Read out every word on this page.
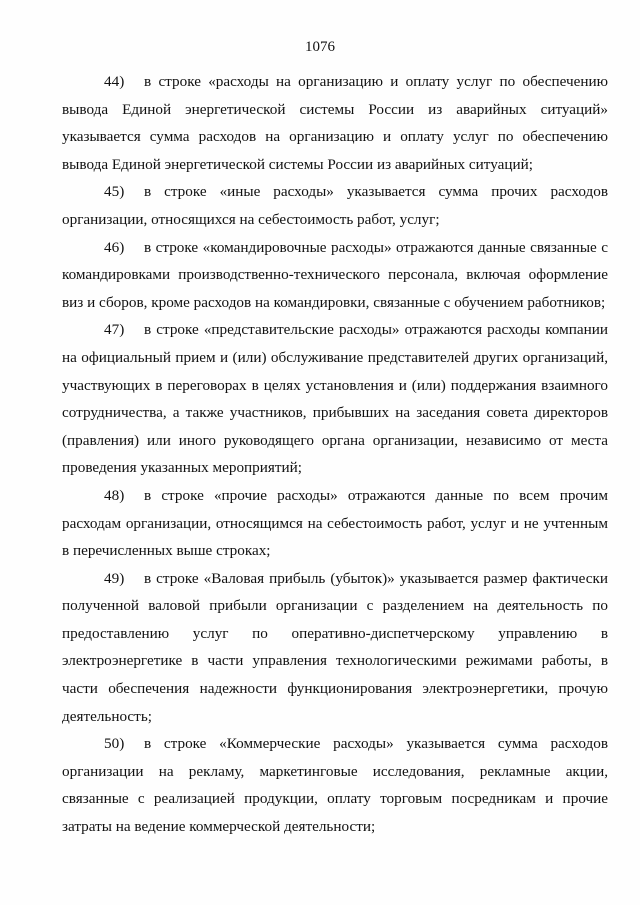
1076

44) в строке «расходы на организацию и оплату услуг по обеспечению вывода Единой энергетической системы России из аварийных ситуаций» указывается сумма расходов на организацию и оплату услуг по обеспечению вывода Единой энергетической системы России из аварийных ситуаций;

45) в строке «иные расходы» указывается сумма прочих расходов организации, относящихся на себестоимость работ, услуг;

46) в строке «командировочные расходы» отражаются данные связанные с командировками производственно-технического персонала, включая оформление виз и сборов, кроме расходов на командировки, связанные с обучением работников;

47) в строке «представительские расходы» отражаются расходы компании на официальный прием и (или) обслуживание представителей других организаций, участвующих в переговорах в целях установления и (или) поддержания взаимного сотрудничества, а также участников, прибывших на заседания совета директоров (правления) или иного руководящего органа организации, независимо от места проведения указанных мероприятий;

48) в строке «прочие расходы» отражаются данные по всем прочим расходам организации, относящимся на себестоимость работ, услуг и не учтенным в перечисленных выше строках;

49) в строке «Валовая прибыль (убыток)» указывается размер фактически полученной валовой прибыли организации с разделением на деятельность по предоставлению услуг по оперативно-диспетчерскому управлению в электроэнергетике в части управления технологическими режимами работы, в части обеспечения надежности функционирования электроэнергетики, прочую деятельность;

50) в строке «Коммерческие расходы» указывается сумма расходов организации на рекламу, маркетинговые исследования, рекламные акции, связанные с реализацией продукции, оплату торговым посредникам и прочие затраты на ведение коммерческой деятельности;
